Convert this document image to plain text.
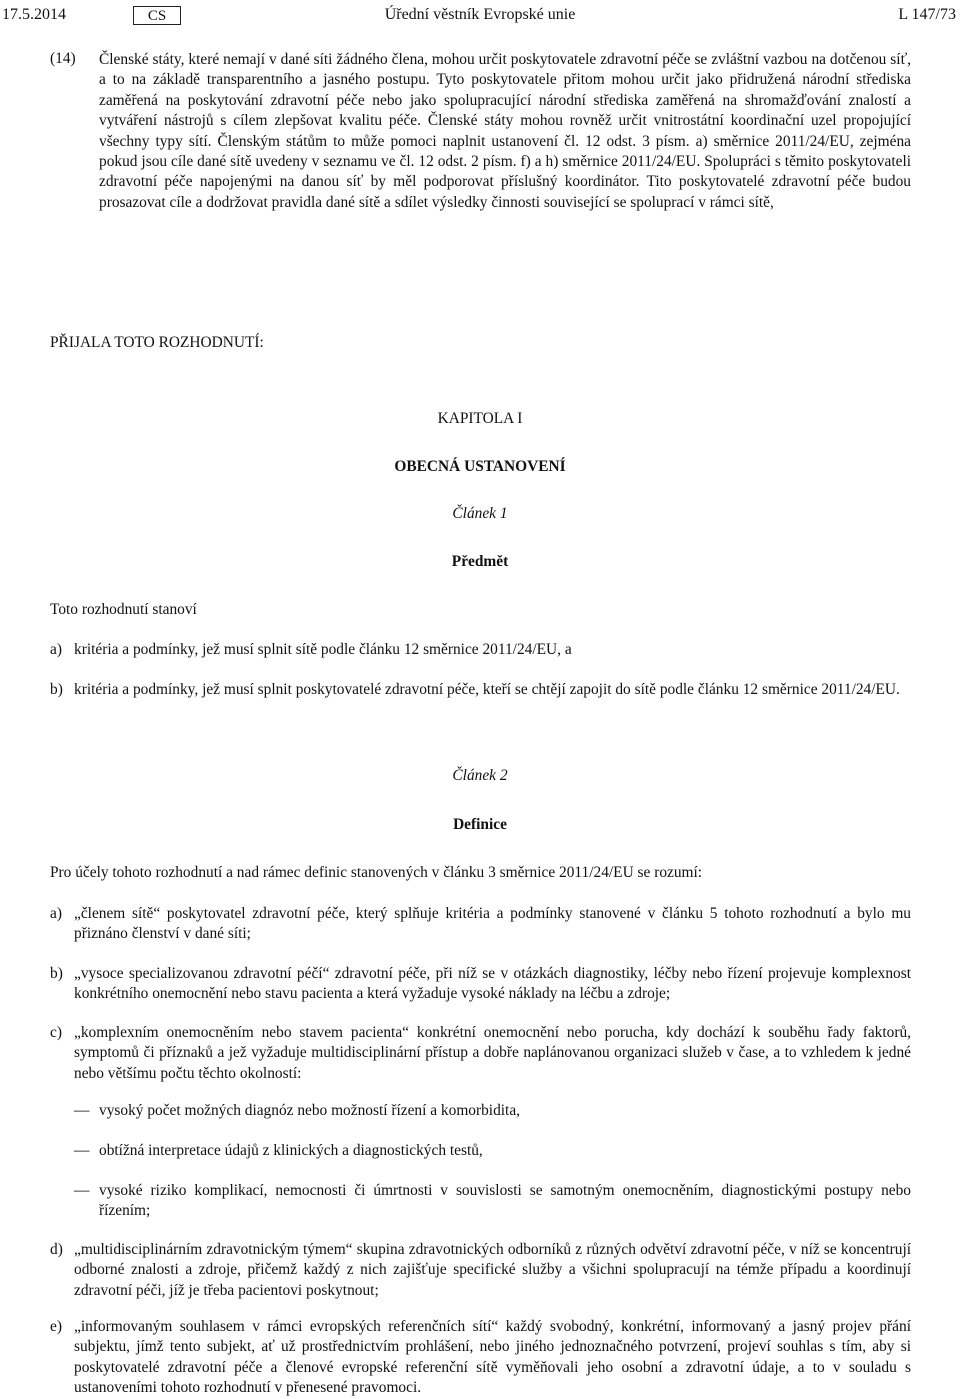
17.5.2014	CS	Úřední věstník Evropské unie	L 147/73
(14) Členské státy, které nemají v dané síti žádného člena, mohou určit poskytovatele zdravotní péče se zvláštní vazbou na dotčenou síť, a to na základě transparentního a jasného postupu. Tyto poskytovatele přitom mohou určit jako přidružená národní střediska zaměřená na poskytování zdravotní péče nebo jako spolupracující národní střediska zaměřená na shromažďování znalostí a vytváření nástrojů s cílem zlepšovat kvalitu péče. Členské státy mohou rovněž určit vnitrostátní koordinační uzel propojující všechny typy sítí. Členským státům to může pomoci naplnit ustanovení čl. 12 odst. 3 písm. a) směrnice 2011/24/EU, zejména pokud jsou cíle dané sítě uvedeny v seznamu ve čl. 12 odst. 2 písm. f) a h) směrnice 2011/24/EU. Spolupráci s těmito poskytovateli zdravotní péče napojenými na danou síť by měl podporovat příslušný koordinátor. Tito poskytovatelé zdravotní péče budou prosazovat cíle a dodržovat pravidla dané sítě a sdílet výsledky činnosti související se spoluprací v rámci sítě,
PŘIJALA TOTO ROZHODNUTÍ:
KAPITOLA I
OBECNÁ USTANOVENÍ
Článek 1
Předmět
Toto rozhodnutí stanoví
a) kritéria a podmínky, jež musí splnit sítě podle článku 12 směrnice 2011/24/EU, a
b) kritéria a podmínky, jež musí splnit poskytovatelé zdravotní péče, kteří se chtějí zapojit do sítě podle článku 12 směrnice 2011/24/EU.
Článek 2
Definice
Pro účely tohoto rozhodnutí a nad rámec definic stanovených v článku 3 směrnice 2011/24/EU se rozumí:
a) „členem sítě“ poskytovatel zdravotní péče, který splňuje kritéria a podmínky stanovené v článku 5 tohoto rozhodnutí a bylo mu přiznáno členství v dané síti;
b) „vysoce specializovanou zdravotní péčí“ zdravotní péče, při níž se v otázkách diagnostiky, léčby nebo řízení projevuje komplexnost konkrétního onemocnění nebo stavu pacienta a která vyžaduje vysoké náklady na léčbu a zdroje;
c) „komplexním onemocněním nebo stavem pacienta“ konkrétní onemocnění nebo porucha, kdy dochází k souběhu řady faktorů, symptomů či příznaků a jež vyžaduje multidisciplinární přístup a dobře naplánovanou organizaci služeb v čase, a to vzhledem k jedné nebo většímu počtu těchto okolností:
— vysoký počet možných diagnóz nebo možností řízení a komorbidita,
— obtížná interpretace údajů z klinických a diagnostických testů,
— vysoké riziko komplikací, nemocnosti či úmrtnosti v souvislosti se samotným onemocněním, diagnostickými postupy nebo řízením;
d) „multidisciplinárním zdravotnickým týmem“ skupina zdravotnických odborníků z různých odvětví zdravotní péče, v níž se koncentrují odborné znalosti a zdroje, přičemž každý z nich zajišťuje specifické služby a všichni spolupracují na témže případu a koordinují zdravotní péči, jíž je třeba pacientovi poskytnout;
e) „informovaným souhlasem v rámci evropských referenčních sítí“ každý svobodný, konkrétní, informovaný a jasný projev přání subjektu, jímž tento subjekt, ať už prostřednictvím prohlášení, nebo jiného jednoznačného potvrzení, projeví souhlas s tím, aby si poskytovatelé zdravotní péče a členové evropské referenční sítě vyměňovali jeho osobní a zdravotní údaje, a to v souladu s ustanoveními tohoto rozhodnutí v přenesené pravomoci.
